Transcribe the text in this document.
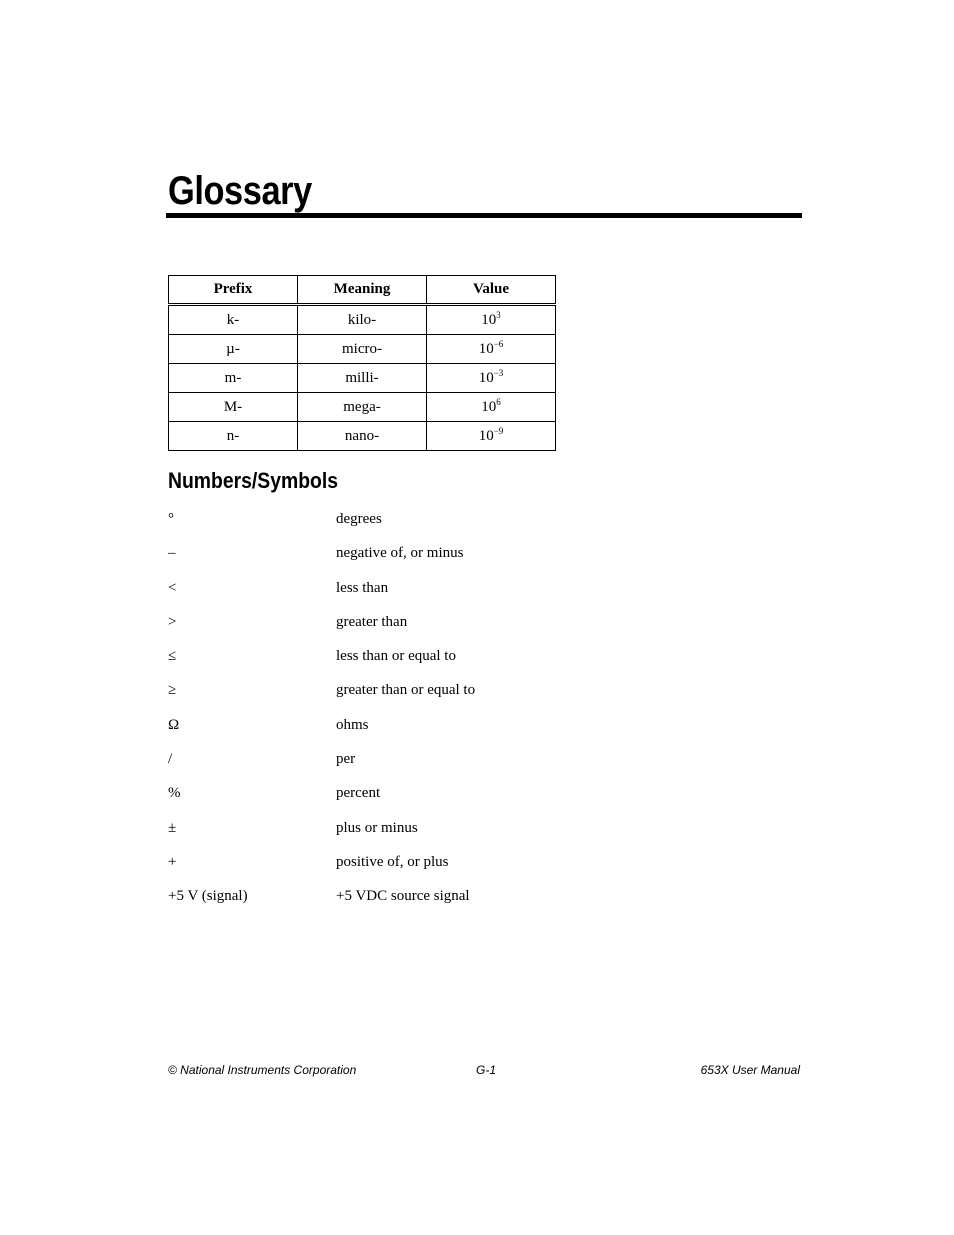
Glossary
Prefix	Meaning	Value
k-	kilo-	$10^3$
µ-	micro-	$10^{-6}$
m-	milli-	$10^{-3}$
M-	mega-	$10^6$
n-	nano-	$10^{-9}$
Numbers/Symbols
°	degrees
–	negative of, or minus
<	less than
>	greater than
≤	less than or equal to
≥	greater than or equal to
Ω	ohms
/	per
%	percent
±	plus or minus
+	positive of, or plus
+5 V (signal)	+5 VDC source signal
© National Instruments Corporation	G-1	653X User Manual
